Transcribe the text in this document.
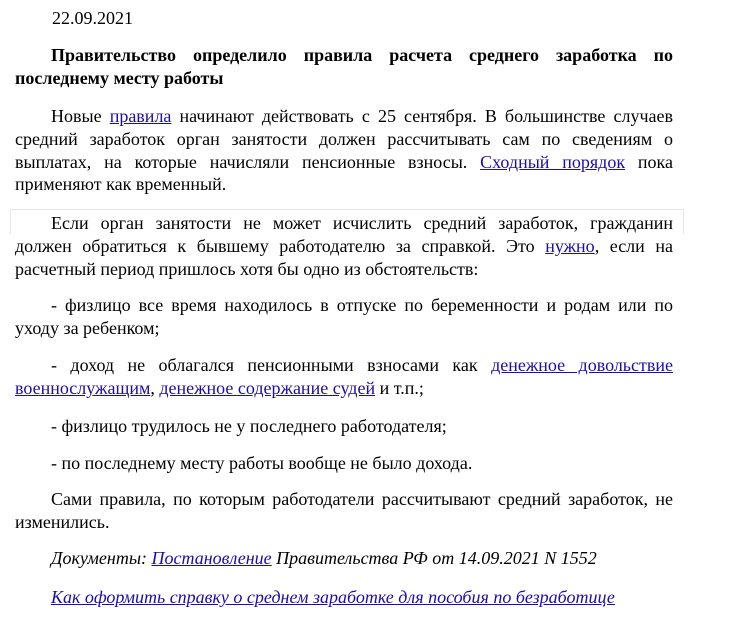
22.09.2021

Правительство определило правила расчета среднего заработка по последнему месту работы

Новые правила начинают действовать с 25 сентября. В большинстве случаев средний заработок орган занятости должен рассчитывать сам по сведениям о выплатах, на которые начисляли пенсионные взносы. Сходный порядок пока применяют как временный.

Если орган занятости не может исчислить средний заработок, гражданин должен обратиться к бывшему работодателю за справкой. Это нужно, если на расчетный период пришлось хотя бы одно из обстоятельств:

- физлицо все время находилось в отпуске по беременности и родам или по уходу за ребенком;

- доход не облагался пенсионными взносами как денежное довольствие военнослужащим, денежное содержание судей и т.п.;

- физлицо трудилось не у последнего работодателя;

- по последнему месту работы вообще не было дохода.

Сами правила, по которым работодатели рассчитывают средний заработок, не изменились.

Документы: Постановление Правительства РФ от 14.09.2021 N 1552

Как оформить справку о среднем заработке для пособия по безработице
